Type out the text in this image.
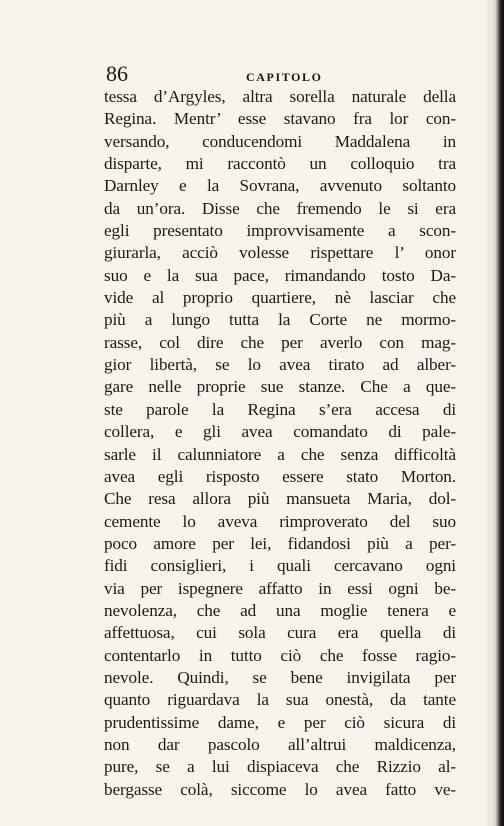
86	CAPITOLO
tessa d’Argyles, altra sorella naturale della
Regina. Mentr’ esse stavano fra lor con-
versando, conducendomi Maddalena in
disparte, mi raccontò un colloquio tra
Darnley e la Sovrana, avvenuto soltanto
da un’ora. Disse che fremendo le si era
egli presentato improvvisamente a scon-
giurarla, acciò volesse rispettare l’ onor
suo e la sua pace, rimandando tosto Da-
vide al proprio quartiere, nè lasciar che
più a lungo tutta la Corte ne mormo-
rasse, col dire che per averlo con mag-
gior libertà, se lo avea tirato ad alber-
gare nelle proprie sue stanze. Che a que-
ste parole la Regina s’era accesa di
collera, e gli avea comandato di pale-
sarle il calunniatore a che senza difficoltà
avea egli risposto essere stato Morton.
Che resa allora più mansueta Maria, dol-
cemente lo aveva rimproverato del suo
poco amore per lei, fidandosi più a per-
fidi consiglieri, i quali cercavano ogni
via per ispegnere affatto in essi ogni be-
nevolenza, che ad una moglie tenera e
affettuosa, cui sola cura era quella di
contentarlo in tutto ciò che fosse ragio-
nevole. Quindi, se bene invigilata per
quanto riguardava la sua onestà, da tante
prudentissime dame, e per ciò sicura di
non dar pascolo all’altrui maldicenza,
pure, se a lui dispiaceva che Rizzio al-
bergasse colà, siccome lo avea fatto ve-
